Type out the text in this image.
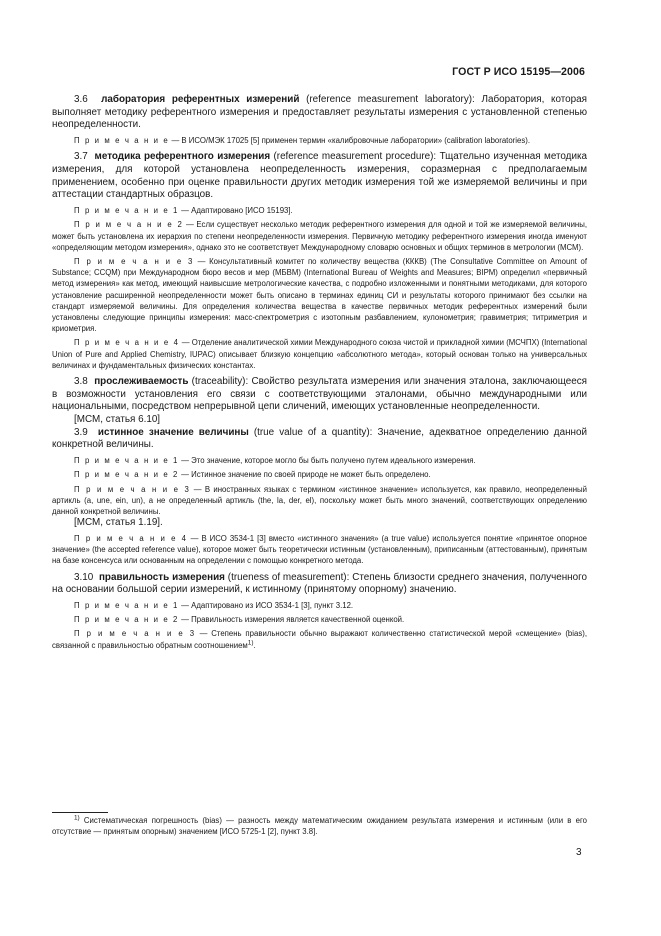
ГОСТ Р ИСО 15195—2006

3.6 лаборатория референтных измерений (reference measurement laboratory): Лаборатория, которая выполняет методику референтного измерения и предоставляет результаты измерения с установленной степенью неопределенности.

П р и м е ч а н и е — В ИСО/МЭК 17025 [5] применен термин «калибровочные лаборатории» (calibration laboratories).

3.7 методика референтного измерения (reference measurement procedure): Тщательно изученная методика измерения, для которой установлена неопределенность измерения, соразмерная с предполагаемым применением, особенно при оценке правильности других методик измерения той же измеряемой величины и при аттестации стандартных образцов.

П р и м е ч а н и е 1 — Адаптировано [ИСО 15193].

П р и м е ч а н и е 2 — Если существует несколько методик референтного измерения для одной и той же измеряемой величины, может быть установлена их иерархия по степени неопределенности измерения. Первичную методику референтного измерения иногда именуют «определяющим методом измерения», однако это не соответствует Международному словарю основных и общих терминов в метрологии (МСМ).

П р и м е ч а н и е 3 — Консультативный комитет по количеству вещества (КККВ) (The Consultative Committee on Amount of Substance; CCQM) при Международном бюро весов и мер (МБВМ) (International Bureau of Weights and Measures; BIPM) определил «первичный метод измерения» как метод, имеющий наивысшие метрологические качества, с подробно изложенными и понятными методиками, для которого установление расширенной неопределенности может быть описано в терминах единиц СИ и результаты которого принимают без ссылки на стандарт измеряемой величины. Для определения количества вещества в качестве первичных методик референтных измерений были установлены следующие принципы измерения: масс-спектрометрия с изотопным разбавлением, кулонометрия; гравиметрия; титриметрия и криометрия.

П р и м е ч а н и е 4 — Отделение аналитической химии Международного союза чистой и прикладной химии (МСЧПХ) (International Union of Pure and Applied Chemistry, IUPAC) описывает близкую концепцию «абсолютного метода», который основан только на универсальных величинах и фундаментальных физических константах.

3.8 прослеживаемость (traceability): Свойство результата измерения или значения эталона, заключающееся в возможности установления его связи с соответствующими эталонами, обычно международными или национальными, посредством непрерывной цепи сличений, имеющих установленные неопределенности.

[МСМ, статья 6.10]

3.9 истинное значение величины (true value of a quantity): Значение, адекватное определению данной конкретной величины.

П р и м е ч а н и е 1 — Это значение, которое могло бы быть получено путем идеального измерения.

П р и м е ч а н и е 2 — Истинное значение по своей природе не может быть определено.

П р и м е ч а н и е 3 — В иностранных языках с термином «истинное значение» используется, как правило, неопределенный артикль (a, une, ein, un), а не определенный артикль (the, la, der, el), поскольку может быть много значений, соответствующих определению данной конкретной величины.

[МСМ, статья 1.19].

П р и м е ч а н и е 4 — В ИСО 3534-1 [3] вместо «истинного значения» (a true value) используется понятие «принятое опорное значение» (the accepted reference value), которое может быть теоретически истинным (установленным), приписанным (аттестованным), принятым на базе консенсуса или основанным на определении с помощью конкретного метода.

3.10 правильность измерения (trueness of measurement): Степень близости среднего значения, полученного на основании большой серии измерений, к истинному (принятому опорному) значению.

П р и м е ч а н и е 1 — Адаптировано из ИСО 3534-1 [3], пункт 3.12.

П р и м е ч а н и е 2 — Правильность измерения является качественной оценкой.

П р и м е ч а н и е 3 — Степень правильности обычно выражают количественно статистической мерой «смещение» (bias), связанной с правильностью обратным соотношением$^{1)}$.

$^{1)}$ Систематическая погрешность (bias) — разность между математическим ожиданием результата измерения и истинным (или в его отсутствие — принятым опорным) значением [ИСО 5725-1 [2], пункт 3.8].

3
